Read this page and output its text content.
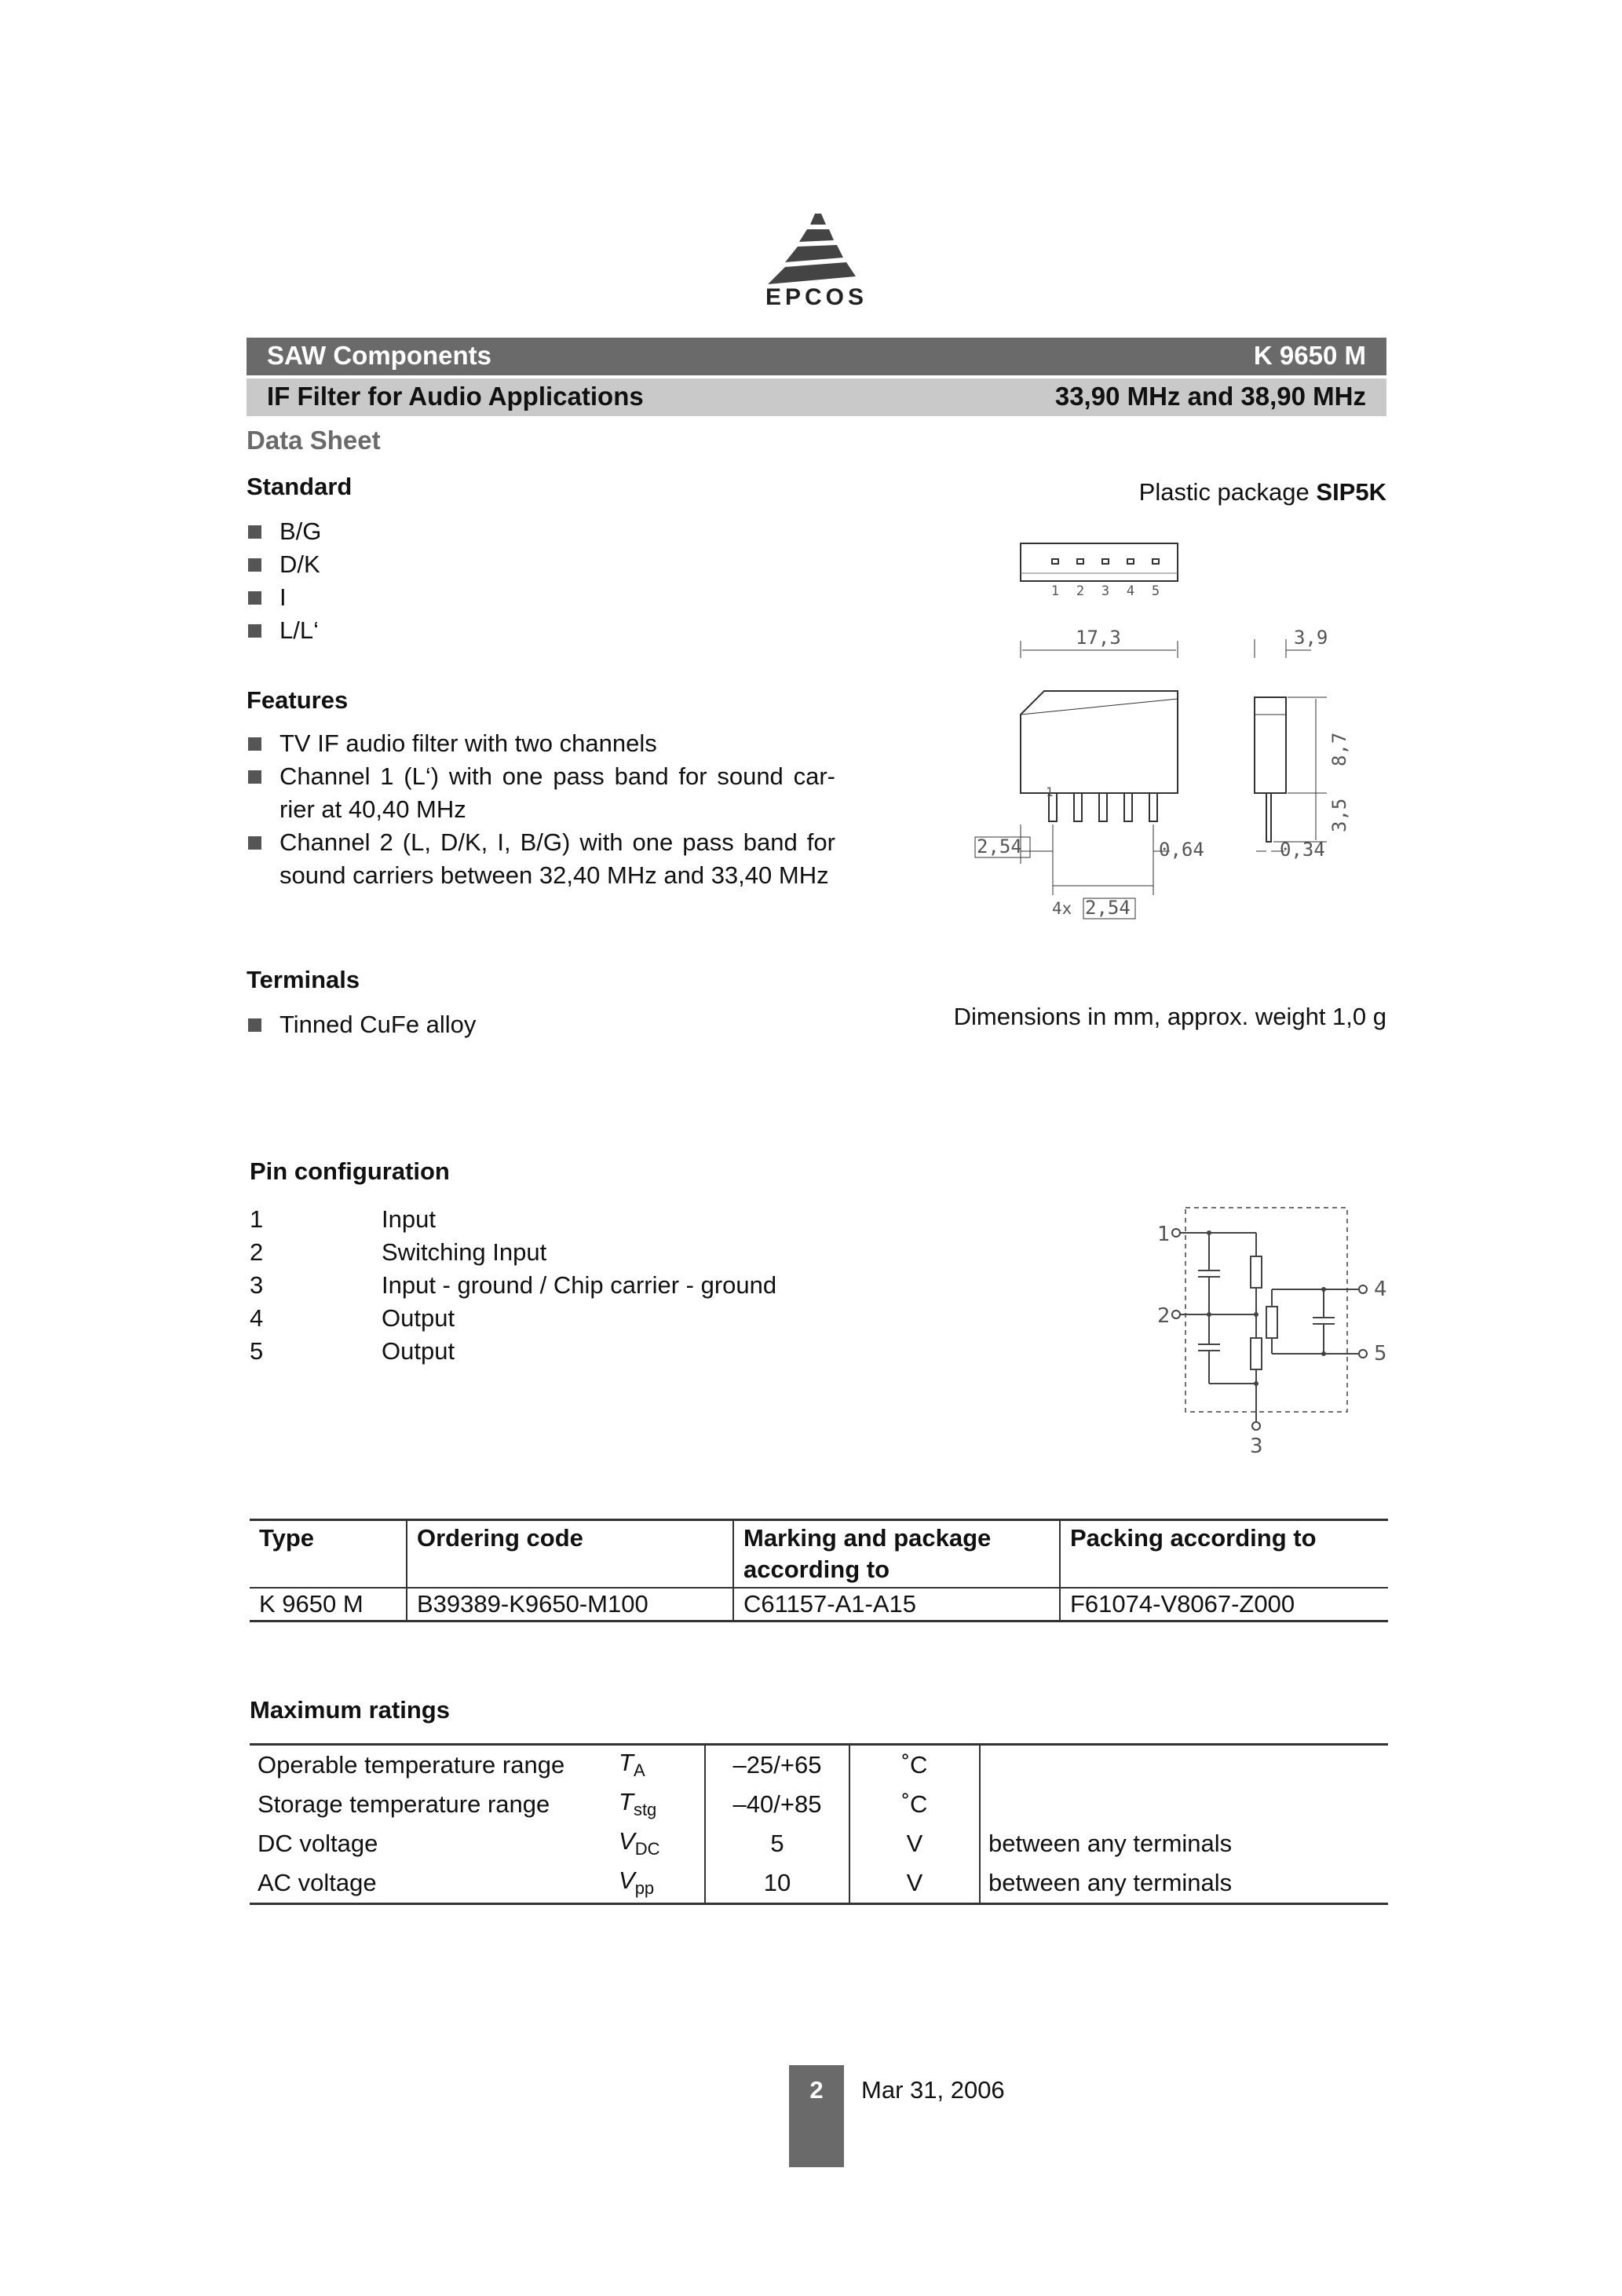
EPCOS
SAW Components	K 9650 M
IF Filter for Audio Applications	33,90 MHz and 38,90 MHz
Data Sheet
Standard
B/G
D/K
I
L/L‘
Features
TV IF audio filter with two channels
Channel 1 (L‘) with one pass band for sound car-rier at 40,40 MHz
Channel 2 (L, D/K, I, B/G) with one pass band for sound carriers between 32,40 MHz and 33,40 MHz
Terminals
Tinned CuFe alloy
Plastic package SIP5K
1 2 3 4 5
17,3	3,9
8,7
3,5
2,54	0,64	0,34
4x 2,54
1
Dimensions in mm, approx. weight 1,0 g
Pin configuration
1	Input
2	Switching Input
3	Input - ground / Chip carrier - ground
4	Output
5	Output
1
2
3
4
5
Type	Ordering code	Marking and package according to	Packing according to
K 9650 M	B39389-K9650-M100	C61157-A1-A15	F61074-V8067-Z000
Maximum ratings
Operable temperature range	$T_A$	–25/+65	˚C	
Storage temperature range	$T_{stg}$	–40/+85	˚C	
DC voltage	$V_{DC}$	5	V	between any terminals
AC voltage	$V_{pp}$	10	V	between any terminals
2	Mar 31, 2006
